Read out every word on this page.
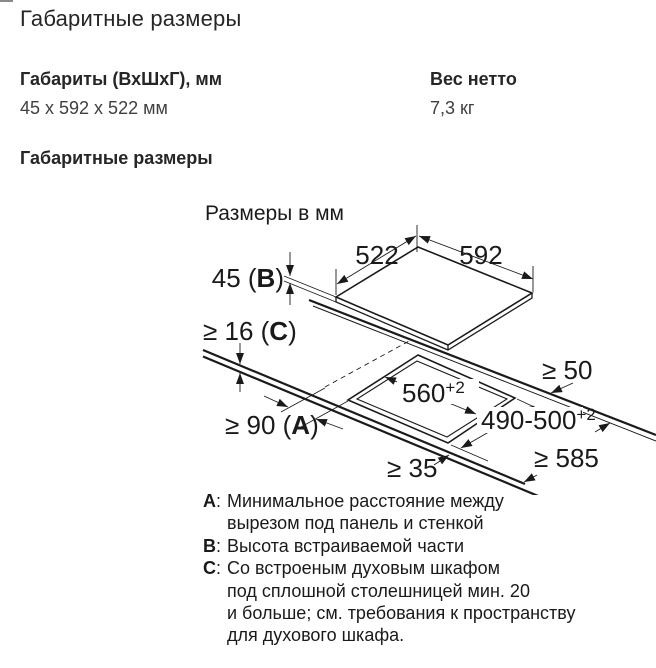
Габаритные размеры
Габариты (ВхШхГ), мм
45 x 592 x 522 мм
Вес нетто
7,3 кг
Габаритные размеры
Размеры в мм
522 592
45 (B)
≥ 16 (C)
≥ 90 (A)
$560^{+2}$
$490-500^{+2}$
≥ 50
≥ 35	≥ 585
A: Минимальное расстояние между
вырезом под панель и стенкой
B: Высота встраиваемой части
C: Со встроеным духовым шкафом
под сплошной столешницей мин. 20
и больше; см. требования к пространству
для духового шкафа.
